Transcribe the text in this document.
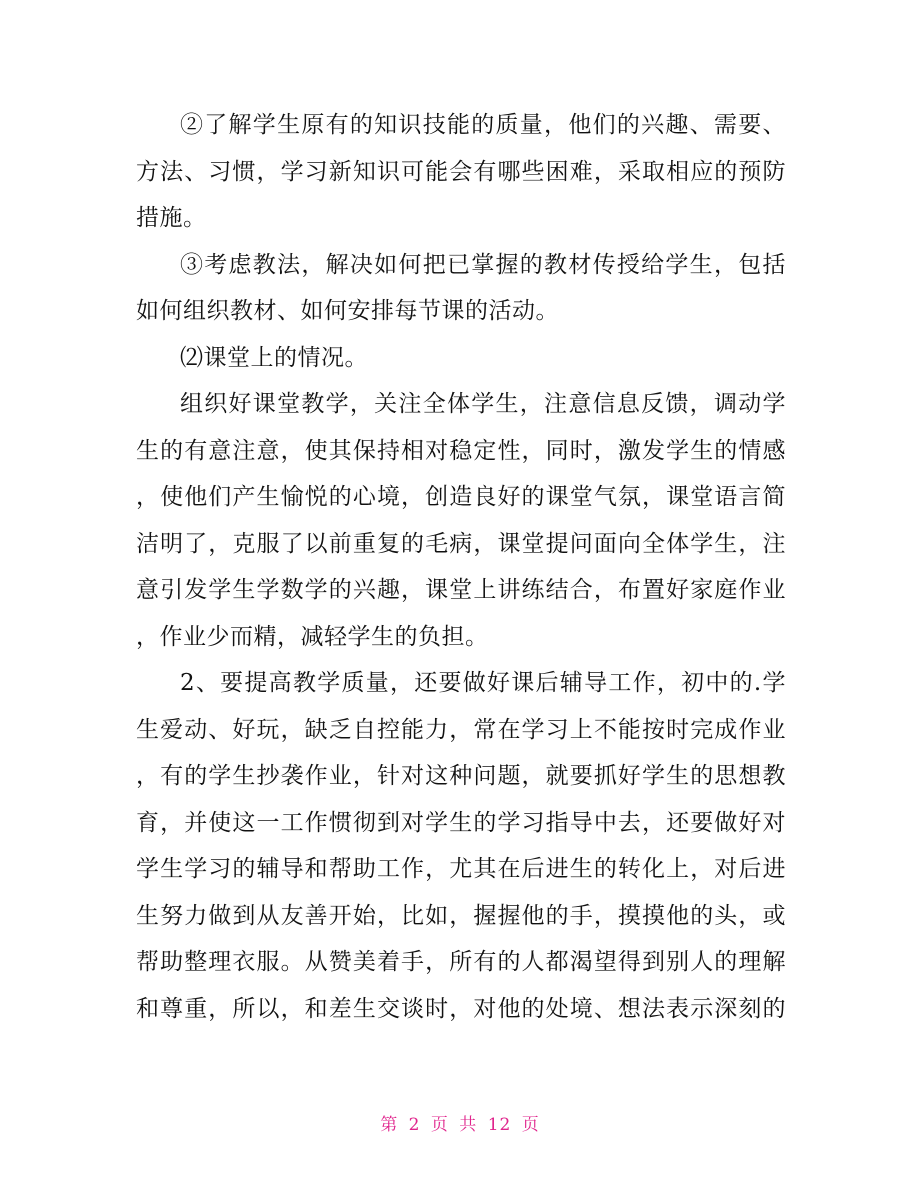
②了解学生原有的知识技能的质量，他们的兴趣、需要、
方法、习惯，学习新知识可能会有哪些困难，采取相应的预防
措施。
③考虑教法，解决如何把已掌握的教材传授给学生，包括
如何组织教材、如何安排每节课的活动。
⑵课堂上的情况。
组织好课堂教学，关注全体学生，注意信息反馈，调动学
生的有意注意，使其保持相对稳定性，同时，激发学生的情感
，使他们产生愉悦的心境，创造良好的课堂气氛，课堂语言简
洁明了，克服了以前重复的毛病，课堂提问面向全体学生，注
意引发学生学数学的兴趣，课堂上讲练结合，布置好家庭作业
，作业少而精，减轻学生的负担。
2、要提高教学质量，还要做好课后辅导工作，初中的.学
生爱动、好玩，缺乏自控能力，常在学习上不能按时完成作业
，有的学生抄袭作业，针对这种问题，就要抓好学生的思想教
育，并使这一工作惯彻到对学生的学习指导中去，还要做好对
学生学习的辅导和帮助工作，尤其在后进生的转化上，对后进
生努力做到从友善开始，比如，握握他的手，摸摸他的头，或
帮助整理衣服。从赞美着手，所有的人都渴望得到别人的理解
和尊重，所以，和差生交谈时，对他的处境、想法表示深刻的
第 2 页 共 12 页
